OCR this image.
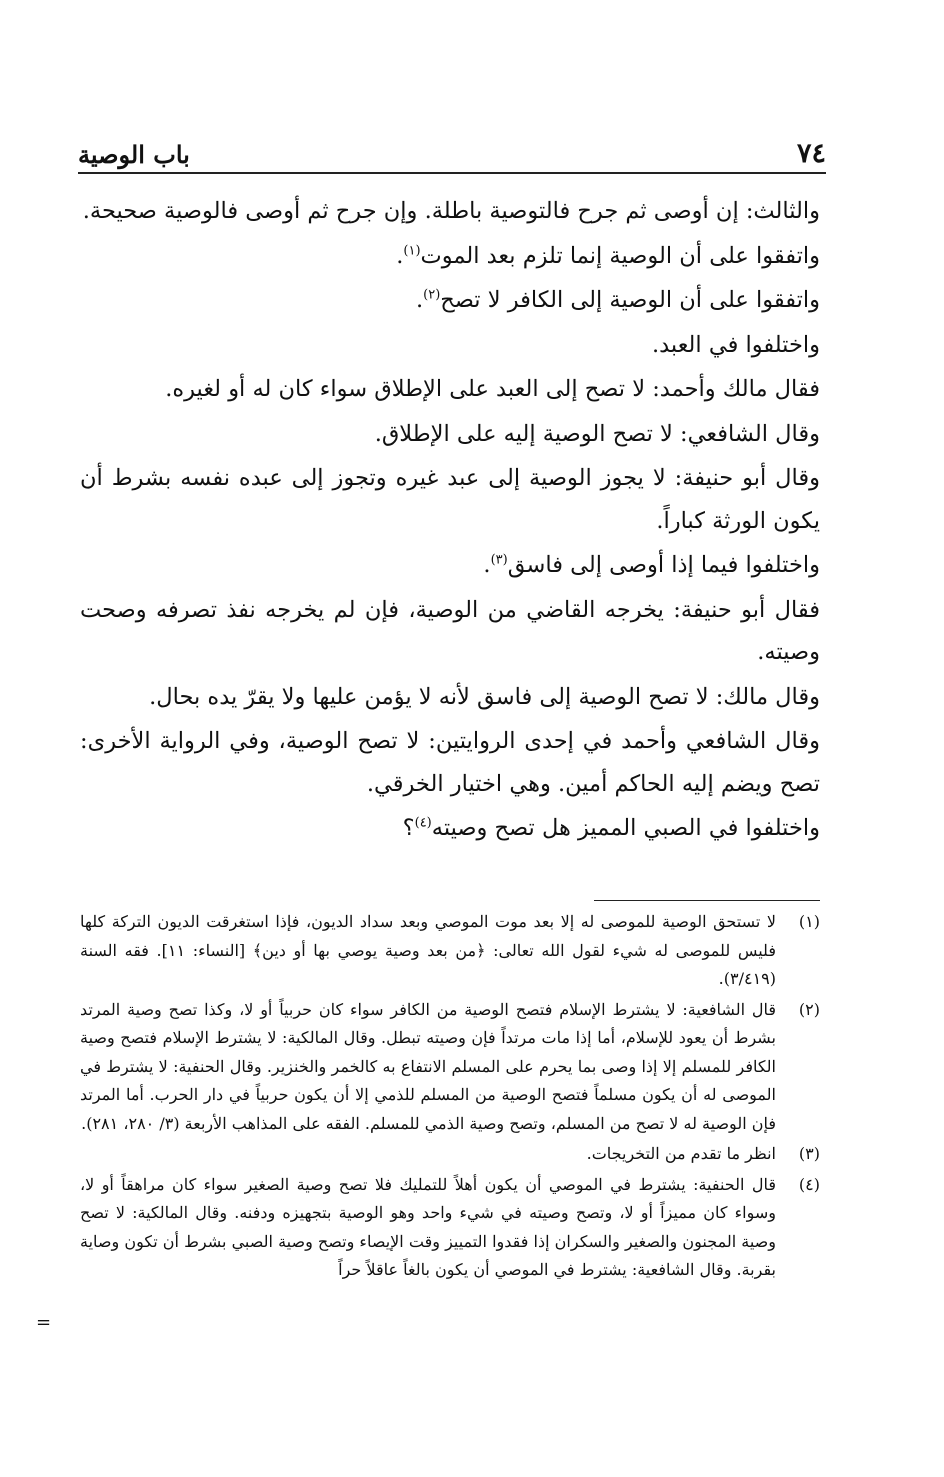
٧٤
باب الوصية

والثالث: إن أوصى ثم جرح فالتوصية باطلة. وإن جرح ثم أوصى فالوصية صحيحة.

واتفقوا على أن الوصية إنما تلزم بعد الموت$^{(١)}$.

واتفقوا على أن الوصية إلى الكافر لا تصح$^{(٢)}$.

واختلفوا في العبد.

فقال مالك وأحمد: لا تصح إلى العبد على الإطلاق سواء كان له أو لغيره.

وقال الشافعي: لا تصح الوصية إليه على الإطلاق.

وقال أبو حنيفة: لا يجوز الوصية إلى عبد غيره وتجوز إلى عبده نفسه بشرط أن يكون الورثة كباراً.

واختلفوا فيما إذا أوصى إلى فاسق$^{(٣)}$.

فقال أبو حنيفة: يخرجه القاضي من الوصية، فإن لم يخرجه نفذ تصرفه وصحت وصيته.

وقال مالك: لا تصح الوصية إلى فاسق لأنه لا يؤمن عليها ولا يقرّ يده بحال.

وقال الشافعي وأحمد في إحدى الروايتين: لا تصح الوصية، وفي الرواية الأخرى: تصح ويضم إليه الحاكم أمين. وهي اختيار الخرقي.

واختلفوا في الصبي المميز هل تصح وصيته$^{(٤)}$؟

(١)
لا تستحق الوصية للموصى له إلا بعد موت الموصي وبعد سداد الديون، فإذا استغرقت الديون التركة كلها فليس للموصى له شيء لقول الله تعالى: ﴿من بعد وصية يوصي بها أو دين﴾ [النساء: ١١]. فقه السنة (٣/٤١٩).
(٢)
قال الشافعية: لا يشترط الإسلام فتصح الوصية من الكافر سواء كان حربياً أو لا، وكذا تصح وصية المرتد بشرط أن يعود للإسلام، أما إذا مات مرتداً فإن وصيته تبطل. وقال المالكية: لا يشترط الإسلام فتصح وصية الكافر للمسلم إلا إذا وصى بما يحرم على المسلم الانتفاع به كالخمر والخنزير. وقال الحنفية: لا يشترط في الموصى له أن يكون مسلماً فتصح الوصية من المسلم للذمي إلا أن يكون حربياً في دار الحرب. أما المرتد فإن الوصية له لا تصح من المسلم، وتصح وصية الذمي للمسلم. الفقه على المذاهب الأربعة (٣/ ٢٨٠، ٢٨١).
(٣)
انظر ما تقدم من التخريجات.
(٤)
قال الحنفية: يشترط في الموصي أن يكون أهلاً للتمليك فلا تصح وصية الصغير سواء كان مراهقاً أو لا، وسواء كان مميزاً أو لا، وتصح وصيته في شيء واحد وهو الوصية بتجهيزه ودفنه. وقال المالكية: لا تصح وصية المجنون والصغير والسكران إذا فقدوا التمييز وقت الإيصاء وتصح وصية الصبي بشرط أن تكون وصاية بقربة. وقال الشافعية: يشترط في الموصي أن يكون بالغاً عاقلاً حراً
=
